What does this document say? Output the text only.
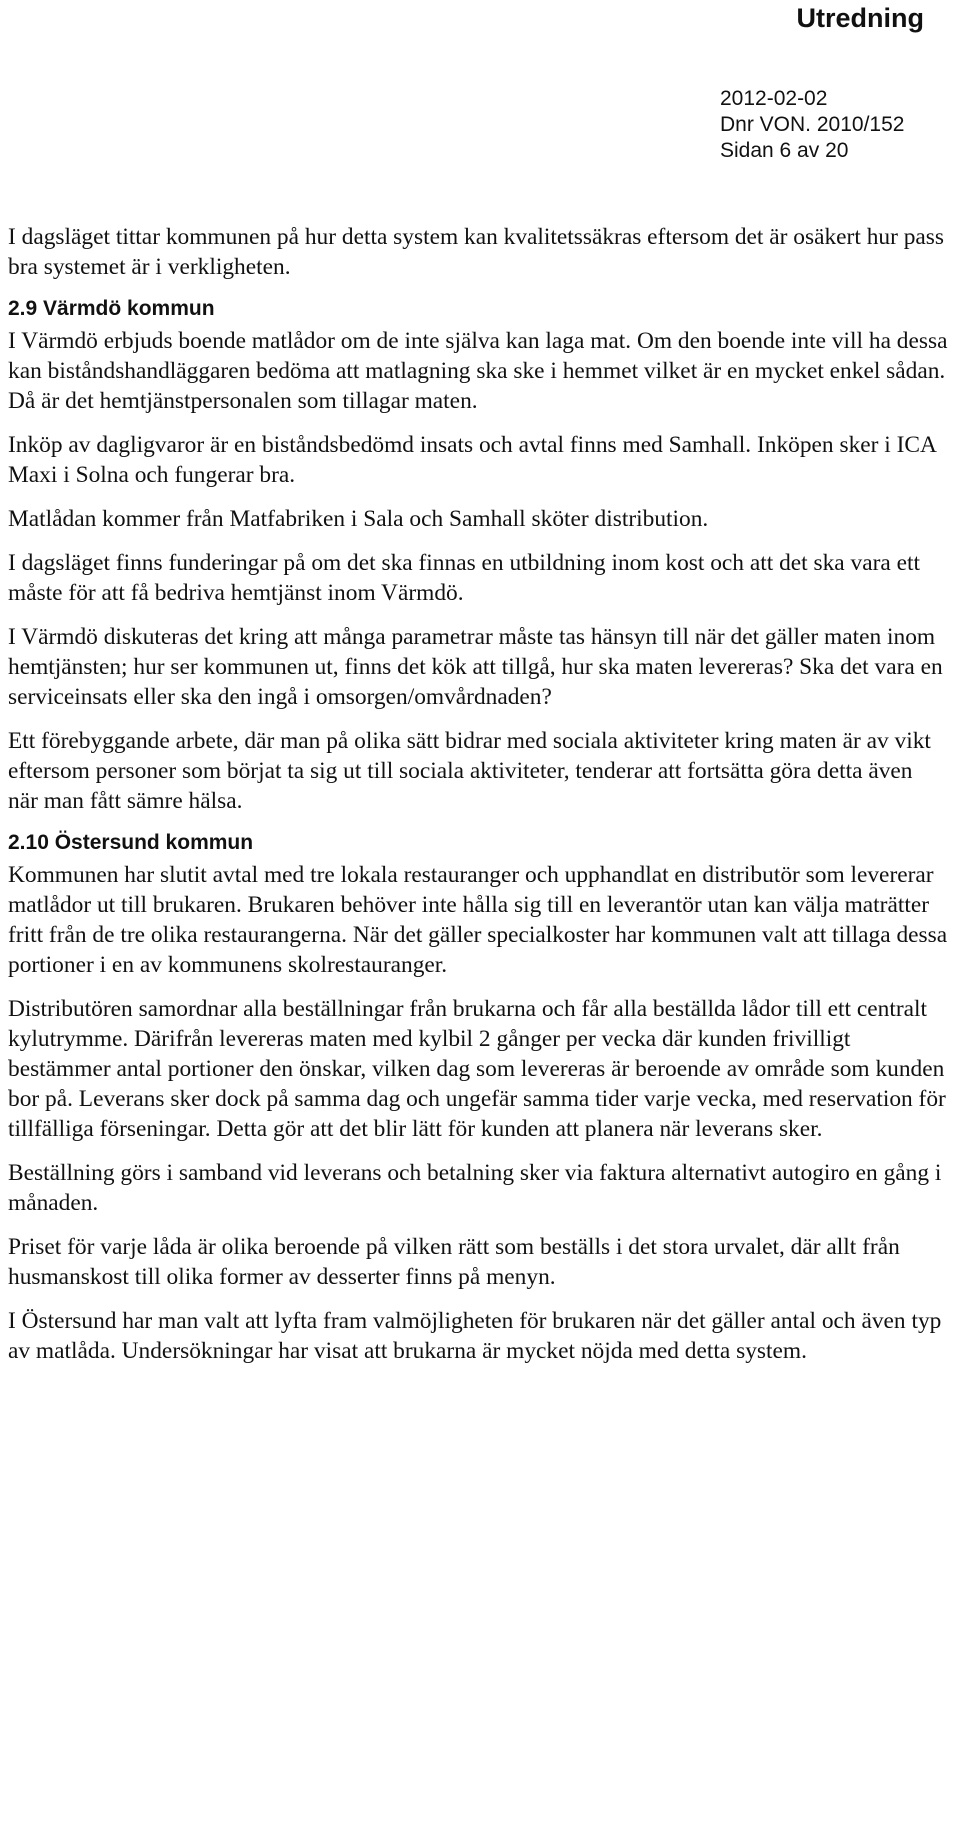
Utredning
2012-02-02
Dnr VON. 2010/152
Sidan 6 av 20

I dagsläget tittar kommunen på hur detta system kan kvalitetssäkras eftersom det är osäkert hur pass bra systemet är i verkligheten.

2.9 Värmdö kommun

I Värmdö erbjuds boende matlådor om de inte själva kan laga mat. Om den boende inte vill ha dessa kan biståndshandläggaren bedöma att matlagning ska ske i hemmet vilket är en mycket enkel sådan. Då är det hemtjänstpersonalen som tillagar maten.

Inköp av dagligvaror är en biståndsbedömd insats och avtal finns med Samhall. Inköpen sker i ICA Maxi i Solna och fungerar bra.

Matlådan kommer från Matfabriken i Sala och Samhall sköter distribution.

I dagsläget finns funderingar på om det ska finnas en utbildning inom kost och att det ska vara ett måste för att få bedriva hemtjänst inom Värmdö.

I Värmdö diskuteras det kring att många parametrar måste tas hänsyn till när det gäller maten inom hemtjänsten; hur ser kommunen ut, finns det kök att tillgå, hur ska maten levereras? Ska det vara en serviceinsats eller ska den ingå i omsorgen/omvårdnaden?

Ett förebyggande arbete, där man på olika sätt bidrar med sociala aktiviteter kring maten är av vikt eftersom personer som börjat ta sig ut till sociala aktiviteter, tenderar att fortsätta göra detta även när man fått sämre hälsa.

2.10 Östersund kommun

Kommunen har slutit avtal med tre lokala restauranger och upphandlat en distributör som levererar matlådor ut till brukaren. Brukaren behöver inte hålla sig till en leverantör utan kan välja maträtter fritt från de tre olika restaurangerna. När det gäller specialkoster har kommunen valt att tillaga dessa portioner i en av kommunens skolrestauranger.

Distributören samordnar alla beställningar från brukarna och får alla beställda lådor till ett centralt kylutrymme. Därifrån levereras maten med kylbil 2 gånger per vecka där kunden frivilligt bestämmer antal portioner den önskar, vilken dag som levereras är beroende av område som kunden bor på. Leverans sker dock på samma dag och ungefär samma tider varje vecka, med reservation för tillfälliga förseningar. Detta gör att det blir lätt för kunden att planera när leverans sker.

Beställning görs i samband vid leverans och betalning sker via faktura alternativt autogiro en gång i månaden.

Priset för varje låda är olika beroende på vilken rätt som beställs i det stora urvalet, där allt från husmanskost till olika former av desserter finns på menyn.

I Östersund har man valt att lyfta fram valmöjligheten för brukaren när det gäller antal och även typ av matlåda. Undersökningar har visat att brukarna är mycket nöjda med detta system.
